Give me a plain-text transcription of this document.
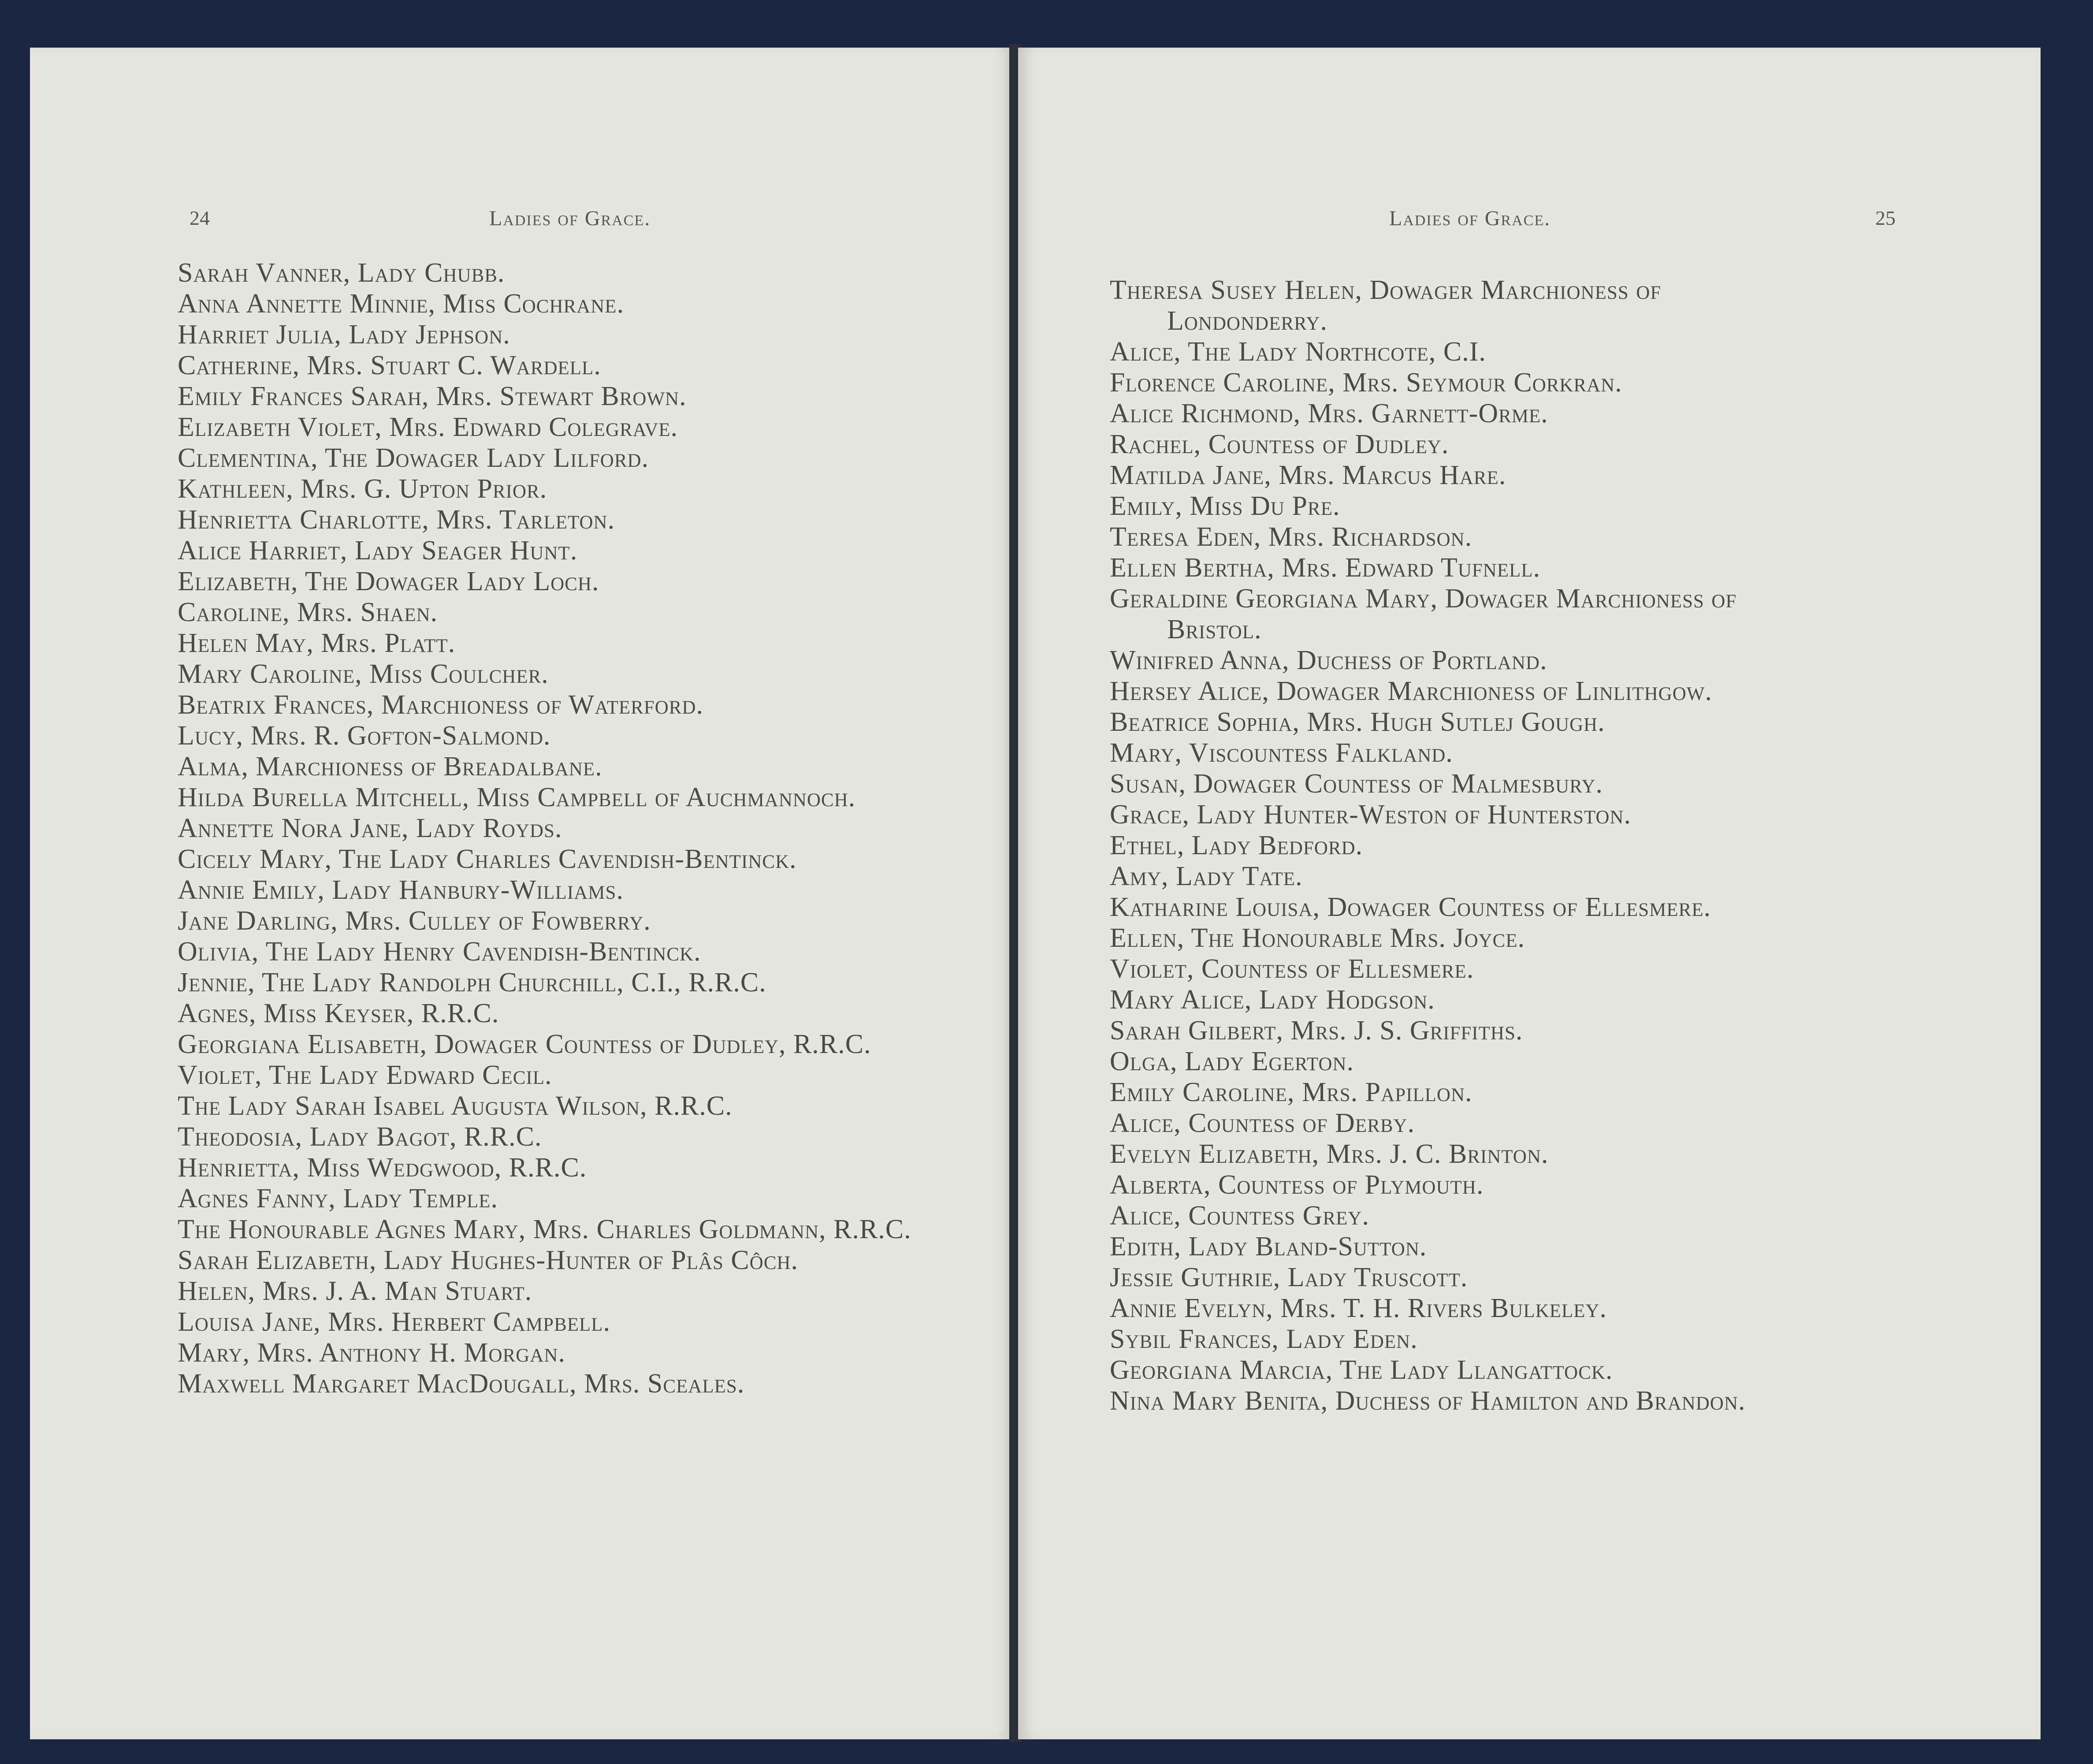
24	Ladies of Grace.
Sarah Vanner, Lady Chubb.
Anna Annette Minnie, Miss Cochrane.
Harriet Julia, Lady Jephson.
Catherine, Mrs. Stuart C. Wardell.
Emily Frances Sarah, Mrs. Stewart Brown.
Elizabeth Violet, Mrs. Edward Colegrave.
Clementina, The Dowager Lady Lilford.
Kathleen, Mrs. G. Upton Prior.
Henrietta Charlotte, Mrs. Tarleton.
Alice Harriet, Lady Seager Hunt.
Elizabeth, The Dowager Lady Loch.
Caroline, Mrs. Shaen.
Helen May, Mrs. Platt.
Mary Caroline, Miss Coulcher.
Beatrix Frances, Marchioness of Waterford.
Lucy, Mrs. R. Gofton-Salmond.
Alma, Marchioness of Breadalbane.
Hilda Burella Mitchell, Miss Campbell of Auchmannoch.
Annette Nora Jane, Lady Royds.
Cicely Mary, The Lady Charles Cavendish-Bentinck.
Annie Emily, Lady Hanbury-Williams.
Jane Darling, Mrs. Culley of Fowberry.
Olivia, The Lady Henry Cavendish-Bentinck.
Jennie, The Lady Randolph Churchill, C.I., R.R.C.
Agnes, Miss Keyser, R.R.C.
Georgiana Elisabeth, Dowager Countess of Dudley, R.R.C.
Violet, The Lady Edward Cecil.
The Lady Sarah Isabel Augusta Wilson, R.R.C.
Theodosia, Lady Bagot, R.R.C.
Henrietta, Miss Wedgwood, R.R.C.
Agnes Fanny, Lady Temple.
The Honourable Agnes Mary, Mrs. Charles Goldmann, R.R.C.
Sarah Elizabeth, Lady Hughes-Hunter of Plâs Côch.
Helen, Mrs. J. A. Man Stuart.
Louisa Jane, Mrs. Herbert Campbell.
Mary, Mrs. Anthony H. Morgan.
Maxwell Margaret MacDougall, Mrs. Sceales.
Ladies of Grace.	25
Theresa Susey Helen, Dowager Marchioness of
Londonderry.
Alice, The Lady Northcote, C.I.
Florence Caroline, Mrs. Seymour Corkran.
Alice Richmond, Mrs. Garnett-Orme.
Rachel, Countess of Dudley.
Matilda Jane, Mrs. Marcus Hare.
Emily, Miss Du Pre.
Teresa Eden, Mrs. Richardson.
Ellen Bertha, Mrs. Edward Tufnell.
Geraldine Georgiana Mary, Dowager Marchioness of
Bristol.
Winifred Anna, Duchess of Portland.
Hersey Alice, Dowager Marchioness of Linlithgow.
Beatrice Sophia, Mrs. Hugh Sutlej Gough.
Mary, Viscountess Falkland.
Susan, Dowager Countess of Malmesbury.
Grace, Lady Hunter-Weston of Hunterston.
Ethel, Lady Bedford.
Amy, Lady Tate.
Katharine Louisa, Dowager Countess of Ellesmere.
Ellen, The Honourable Mrs. Joyce.
Violet, Countess of Ellesmere.
Mary Alice, Lady Hodgson.
Sarah Gilbert, Mrs. J. S. Griffiths.
Olga, Lady Egerton.
Emily Caroline, Mrs. Papillon.
Alice, Countess of Derby.
Evelyn Elizabeth, Mrs. J. C. Brinton.
Alberta, Countess of Plymouth.
Alice, Countess Grey.
Edith, Lady Bland-Sutton.
Jessie Guthrie, Lady Truscott.
Annie Evelyn, Mrs. T. H. Rivers Bulkeley.
Sybil Frances, Lady Eden.
Georgiana Marcia, The Lady Llangattock.
Nina Mary Benita, Duchess of Hamilton and Brandon.
